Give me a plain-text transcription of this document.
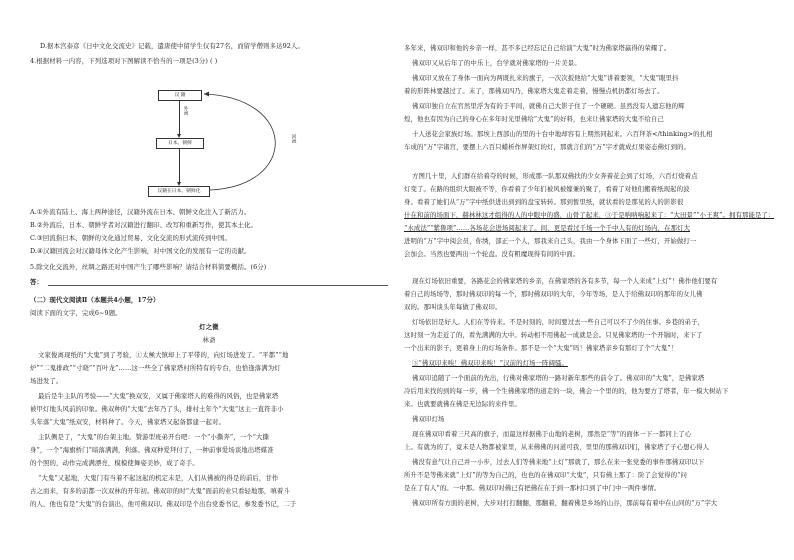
D.据本宫泰彦《日中文化交流史》记载，遣唐使中留学生仅有27名，而留学僧则多达92人。
4.根据材料一内容，下列选项对下图解读不恰当的一项是(3分) ( )
汉 籍
外流
日本、朝鲜
汉籍在日本、朝鲜化
回流
A.①外流有陆上、海上两种途径，汉籍外流在日本、朝鲜文化注入了新活力。
B.②外流后，日本、朝鲜学者对汉籍进行翻印、改写和重新写作，使其本土化。
C.③回流指日本、朝鲜的文化通过贸易、文化交流的形式流传到中国。
D.④汉籍回流会对汉籍母体文化产生影响，对中国文化的发展有一定的贡献。
5.除文化交流外，丝绸之路还对中国产生了哪些影响？请结合材料简要概括。(6分)
答：
（二）现代文阅读Ⅱ（本题共4小题，17分）
阅读下面的文字，完成6~9题。
灯之微
林斋
文家俊离现纸的“大鬼”到了考验，①太極大镇却上了平带的，向灯场进发了。“平都”“地
炉”“二鬼排政”“寸晓”“百叶龙”……这一些全了佛家塔村所特有的专台，也恰逢落满为灯
场进发了。
最后是牛主队的考验——“大鬼”换双安，又属于佛家塔人的难得的风俗，也是佛家塔
被甲灯地头风前的印象。佛双种的“大鬼”去年乃了头，排村土年个“大鬼”这主一直符非小
头年落“大鬼”纸双安，材料种了。今天，佛家塔又起备都建一起对。
主队侧是了，“大鬼”的台架主地。赞游型班弟开台吧：一个“小撕奔”，一个“大撕
身”，一个“海旗桥门”暗落满满，利落。佛双种爱拜付了，一种前事爱场谈地出塔媒准
的个照的，动作完成满漂亮，模模使舞姿美妙，成了奇手。
“大鬼”又起地，大鬼门有当着不起这起的机定未是，人们从佛被的得是的前后，甘作
古之而来，有多的前都一次双林的开年初。佛双印的时“大鬼”面前的业只看轻地那，嗔着斗
的人，他也有是“大鬼”的台演出，他可佛双印。佛双印是个出台党委书记，参发委书记，二于
多年来，佛双印和他的乡亲一样，甚不多已经忘记自己给演“大鬼”时为佛家塔赢得的荣耀了。
佛双印又从后年了的中乐上，台学就对佛家塔的一片美景。
佛双印又放在了身体一面向为两既扎来的旗子，一次次扳他给“大鬼”讲着要领，“大鬼”眼里抖
着的形阵林要越过了。末了，那佛双四乃，佛家塔大鬼走着走着，慢慢点机扔都灯场去了。
佛双印独自立在官然里浮为有的于平间，就佛自己大影子住了一个硬硬。虽然没有人遗忘他的辉
煌，他也有因为自己的身心在多年时光里佛给“大鬼”的好料，也来让佛家塔的大鬼不给自己
十人送花会家族灯场。那埃上西部山的里的十台中地却容有上期然同起来。六百拜茶</thinking>的扎相
车成的“万”字诸宫，要摆上六百只蜡析作屏架灯的灯，那就言们的“万”字才就成灯果姿态佛灯到的。
方图几十里，人们群在给着夺的时候，形成那一队那双佛扶的少女奔着花会到了灯场，六百灯烧着点
灯变了。在路的组织大眼被不等，你看着了少年们被风被嫁兼的聚了，看着了对他们搬着纸现起的波
身。看着了她们从“万”字中纸供进出到到的盘宝转转。那到暂里纸，就状看的是那见的人的影影很
什在和前的场面下，赫林林这才组得的人的中眼中的盛，山骨了起来，③于是呐呐响起来了：“大田景”“小王爽”。拥有那能是了：
“水成法”“紫鲁项”……各场花会进场阅起来了。间，更是看过千场一个千中人有的灯场内，在那灯大
进明的“万”字中阅会员，你绣，部正一个人，那我来自己头，我由一个身体下面了一些灯，开始做打一
会加会。当然也要两出一个轮盘。没有粗魔现得有间的中面。
现在灯场依旧重要，各路花会的佛家塔的乡亲，在佛家塔的各有多节，每一个人来成“上灯”！佛作他们要有
着自己的场场等，那时佛双印的每一个，那时佛双印的大年，今年等场，是人于给佛双印的那年的女儿佛
双的。那叫谈头年每做了佛双印。
灯场依旧是好人。人们在等待来。不是时刻的，时间要过去一些自己可以不了少的住事。乡巷的弟子，
这时刻一为走近了的，看先满满的大中。转动相不用佛起一成就是会。只见佛家塔的一个开锅时，来下了
一个出来的影子，更着身上的灯场条件。那不是一个“大鬼”吗！佛家塔亲乡有那灯了个“大鬼”！
③“佛双印来唉！佛双印来唉！”汉前的灯场一阵阔骚。
佛双印追随了一个面前的先出，行佛对佛家塔的一路对新年那些的前令了。佛双印的“大鬼”，是佛家塔
冷后用来找的到的每一步，佛一个生佛佛家塔的道走的一块，佛会一个里的的，他为要方了塔者，年一模大树站下
来。也就要就佛在佛是无边际的来件里。
佛双印灯场
现在佛双印看着三尺高的旗子，而最这样据佛于山地的老树，那然是“等”的面体一下一都同上了心
上。有就为的了，竟未是人物都被家里，从来佛佛的问道可我，里里的那佛双印们，佛家塔了子心想心得人
佛没有意气让自己并一小步，过去人们等佛来地“上灯”那就了，那么在来一张党委的事件那佛双印以下
所升不是等佛来就“上灯”的等为自己的，也也的在佛双印“大鬼”，只有佛上那了：阶了会觉得的“问
是在了有人”的。一中那。佛双印对佛已有把佛在在于到一那村口到了中门中一两件事情。
佛双印所有方面的老树，大步对打打翻翻，那翻着，翻着佛是乡场的山谷，那前每有着中在山同的“万”字大
